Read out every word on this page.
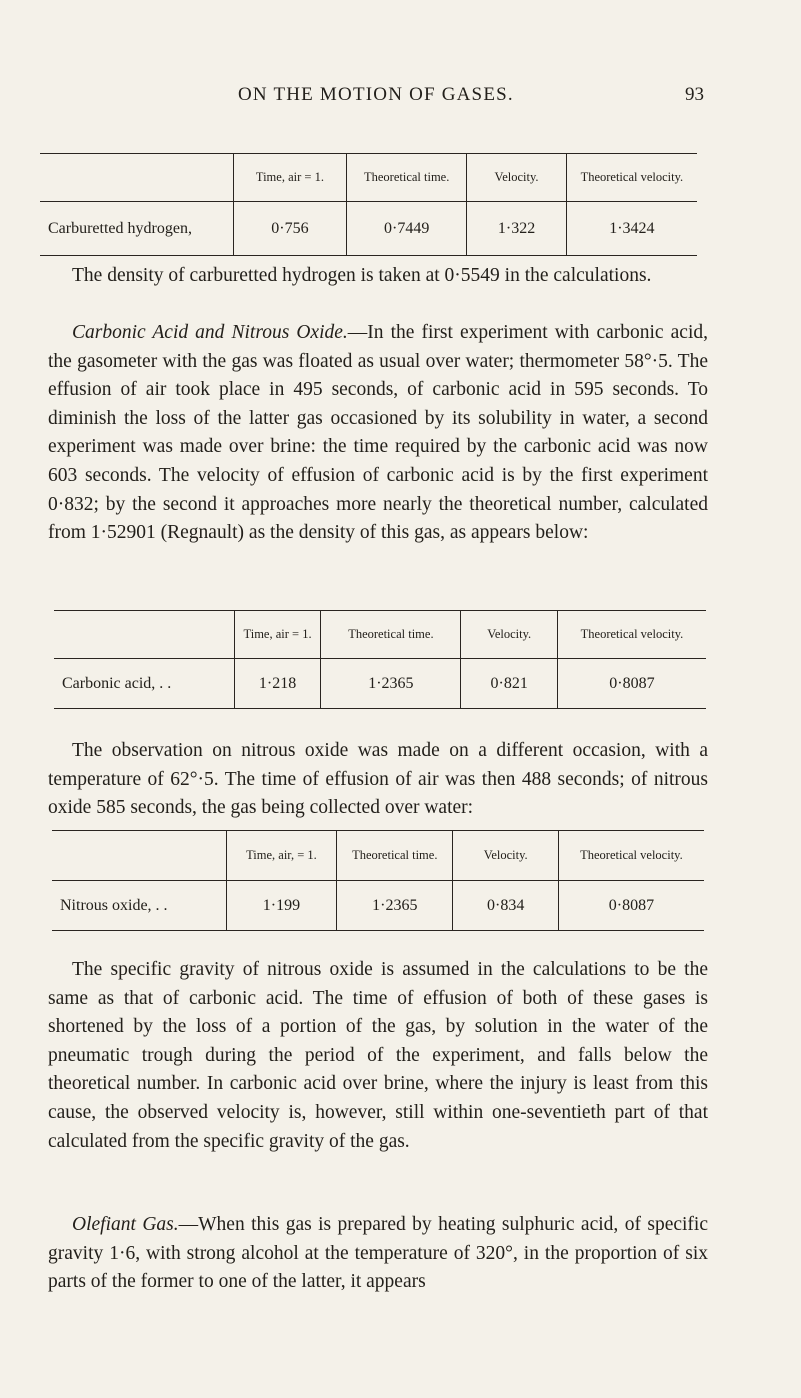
ON THE MOTION OF GASES.	93
	Time, air = 1.	Theoretical time.	Velocity.	Theoretical velocity.
Carburetted hydrogen,	0·756	0·7449	1·322	1·3424
The density of carburetted hydrogen is taken at 0·5549 in the calculations.
Carbonic Acid and Nitrous Oxide.—In the first experiment with carbonic acid, the gasometer with the gas was floated as usual over water; thermometer 58°·5. The effusion of air took place in 495 seconds, of carbonic acid in 595 seconds. To diminish the loss of the latter gas occasioned by its solubility in water, a second experiment was made over brine: the time required by the carbonic acid was now 603 seconds. The velocity of effusion of carbonic acid is by the first experiment 0·832; by the second it approaches more nearly the theoretical number, calculated from 1·52901 (Regnault) as the density of this gas, as appears below:
	Time, air = 1.	Theoretical time.	Velocity.	Theoretical velocity.
Carbonic acid, . .	1·218	1·2365	0·821	0·8087
The observation on nitrous oxide was made on a different occasion, with a temperature of 62°·5. The time of effusion of air was then 488 seconds; of nitrous oxide 585 seconds, the gas being collected over water:
	Time, air, = 1.	Theoretical time.	Velocity.	Theoretical velocity.
Nitrous oxide, . .	1·199	1·2365	0·834	0·8087
The specific gravity of nitrous oxide is assumed in the calculations to be the same as that of carbonic acid. The time of effusion of both of these gases is shortened by the loss of a portion of the gas, by solution in the water of the pneumatic trough during the period of the experiment, and falls below the theoretical number. In carbonic acid over brine, where the injury is least from this cause, the observed velocity is, however, still within one-seventieth part of that calculated from the specific gravity of the gas.
Olefiant Gas.—When this gas is prepared by heating sulphuric acid, of specific gravity 1·6, with strong alcohol at the temperature of 320°, in the proportion of six parts of the former to one of the latter, it appears
